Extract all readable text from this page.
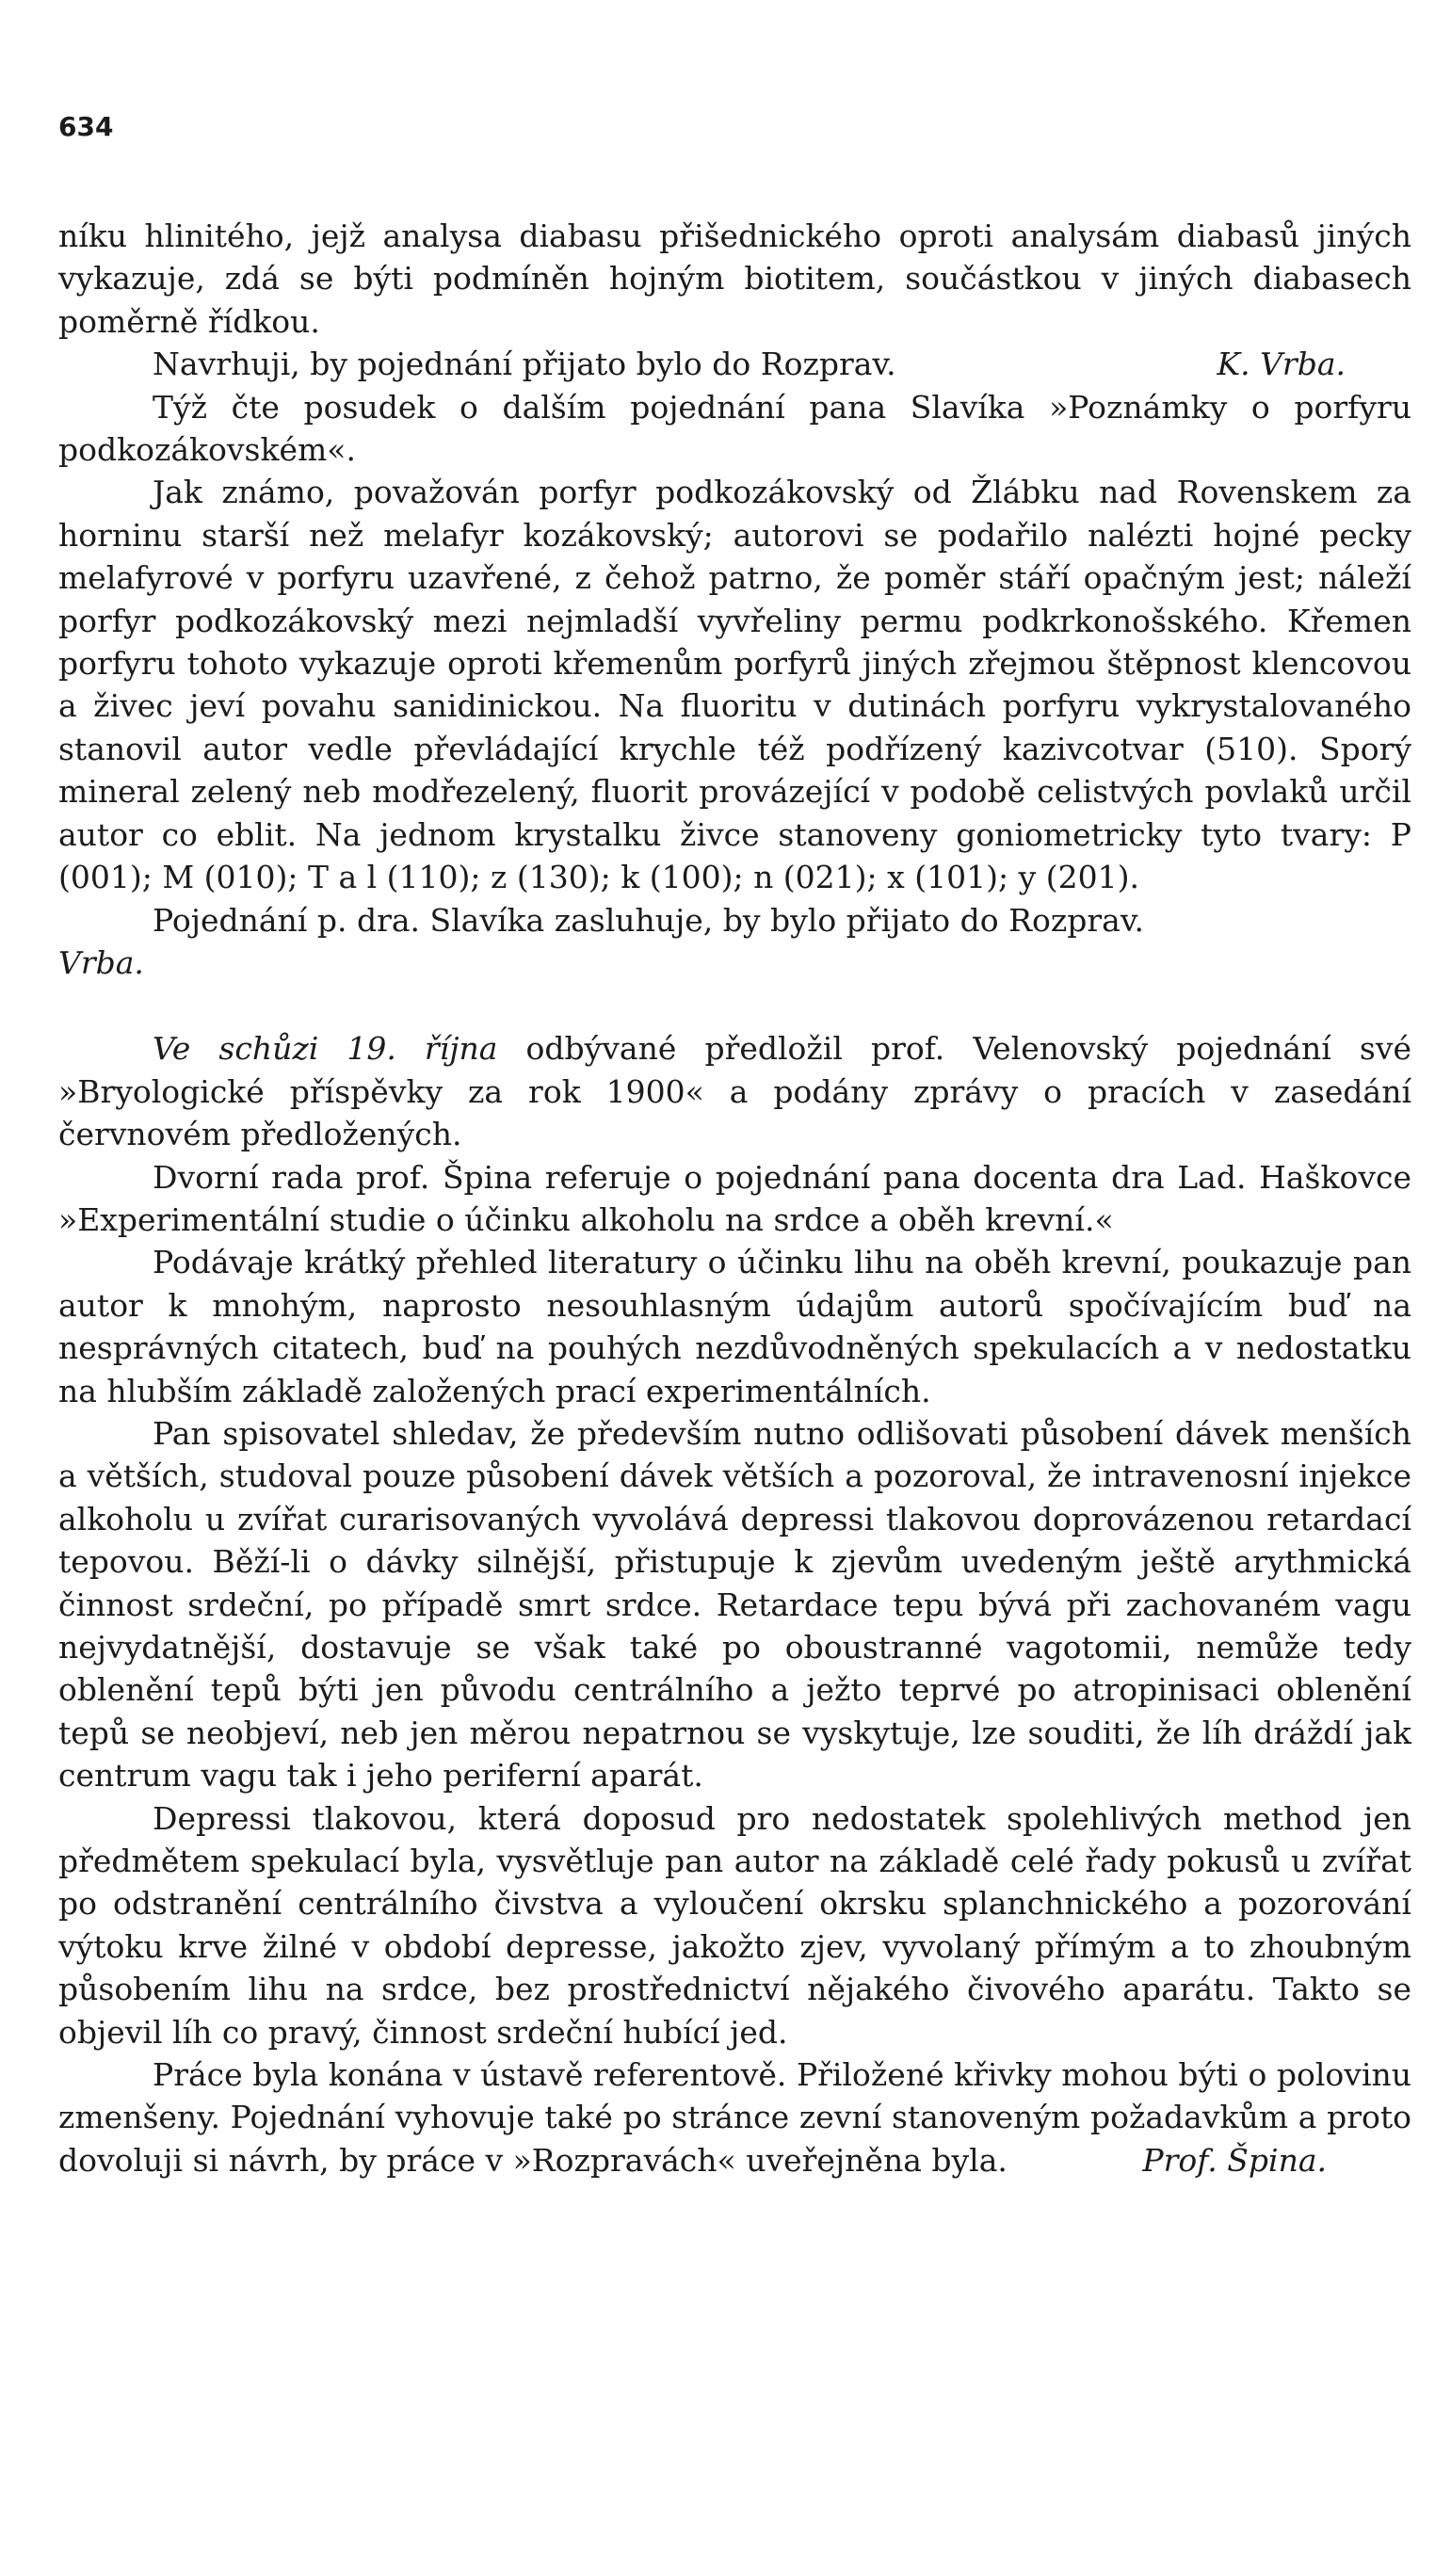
634

níku hlinitého, jejž analysa diabasu přišednického oproti analysám diabasů jiných vykazuje, zdá se býti podmíněn hojným biotitem, součástkou v jiných diabasech poměrně řídkou.

Navrhuji, by pojednání přijato bylo do Rozprav.	K. Vrba.

Týž čte posudek o dalším pojednání pana Slavíka »Poznámky o porfyru podkozákovském«.

Jak známo, považován porfyr podkozákovský od Žlábku nad Rovenskem za horninu starší než melafyr kozákovský; autorovi se podařilo nalézti hojné pecky melafyrové v porfyru uzavřené, z čehož patrno, že poměr stáří opačným jest; náleží porfyr podkozákovský mezi nejmladší vyvřeliny permu podkrkonošského. Křemen porfyru tohoto vykazuje oproti křemenům porfyrů jiných zřejmou štěpnost klencovou a živec jeví povahu sanidinickou. Na fluoritu v dutinách porfyru vykrystalovaného stanovil autor vedle převládající krychle též podřízený kazivcotvar (510). Sporý mineral zelený neb modřezelený, fluorit provázející v podobě celistvých povlaků určil autor co eblit. Na jednom krystalku živce stanoveny goniometricky tyto tvary: P (001); M (010); T a l (110); z (130); k (100); n (021); x (101); y (201).

Pojednání p. dra. Slavíka zasluhuje, by bylo přijato do Rozprav.

Vrba.

Ve schůzi 19. října odbývané předložil prof. Velenovský pojednání své »Bryologické příspěvky za rok 1900« a podány zprávy o pracích v zasedání červnovém předložených.

Dvorní rada prof. Špina referuje o pojednání pana docenta dra Lad. Haškovce »Experimentální studie o účinku alkoholu na srdce a oběh krevní.«

Podávaje krátký přehled literatury o účinku lihu na oběh krevní, poukazuje pan autor k mnohým, naprosto nesouhlasným údajům autorů spočívajícím buď na nesprávných citatech, buď na pouhých nezdůvodněných spekulacích a v nedostatku na hlubším základě založených prací experimentálních.

Pan spisovatel shledav, že především nutno odlišovati působení dávek menších a větších, studoval pouze působení dávek větších a pozoroval, že intravenosní injekce alkoholu u zvířat curarisovaných vyvolává depressi tlakovou doprovázenou retardací tepovou. Běží-li o dávky silnější, přistupuje k zjevům uvedeným ještě arythmická činnost srdeční, po případě smrt srdce. Retardace tepu bývá při zachovaném vagu nejvydatnější, dostavuje se však také po oboustranné vagotomii, nemůže tedy oblenění tepů býti jen původu centrálního a ježto teprvé po atropinisaci oblenění tepů se neobjeví, neb jen měrou nepatrnou se vyskytuje, lze souditi, že líh dráždí jak centrum vagu tak i jeho periferní aparát.

Depressi tlakovou, která doposud pro nedostatek spolehlivých method jen předmětem spekulací byla, vysvětluje pan autor na základě celé řady pokusů u zvířat po odstranění centrálního čivstva a vyloučení okrsku splanchnického a pozorování výtoku krve žilné v období depresse, jakožto zjev, vyvolaný přímým a to zhoubným působením lihu na srdce, bez prostřednictví nějakého čivového aparátu. Takto se objevil líh co pravý, činnost srdeční hubící jed.

Práce byla konána v ústavě referentově. Přiložené křivky mohou býti o polovinu zmenšeny. Pojednání vyhovuje také po stránce zevní stanoveným požadavkům a proto dovoluji si návrh, by práce v »Rozpravách« uveřejněna byla.	Prof. Špina.
